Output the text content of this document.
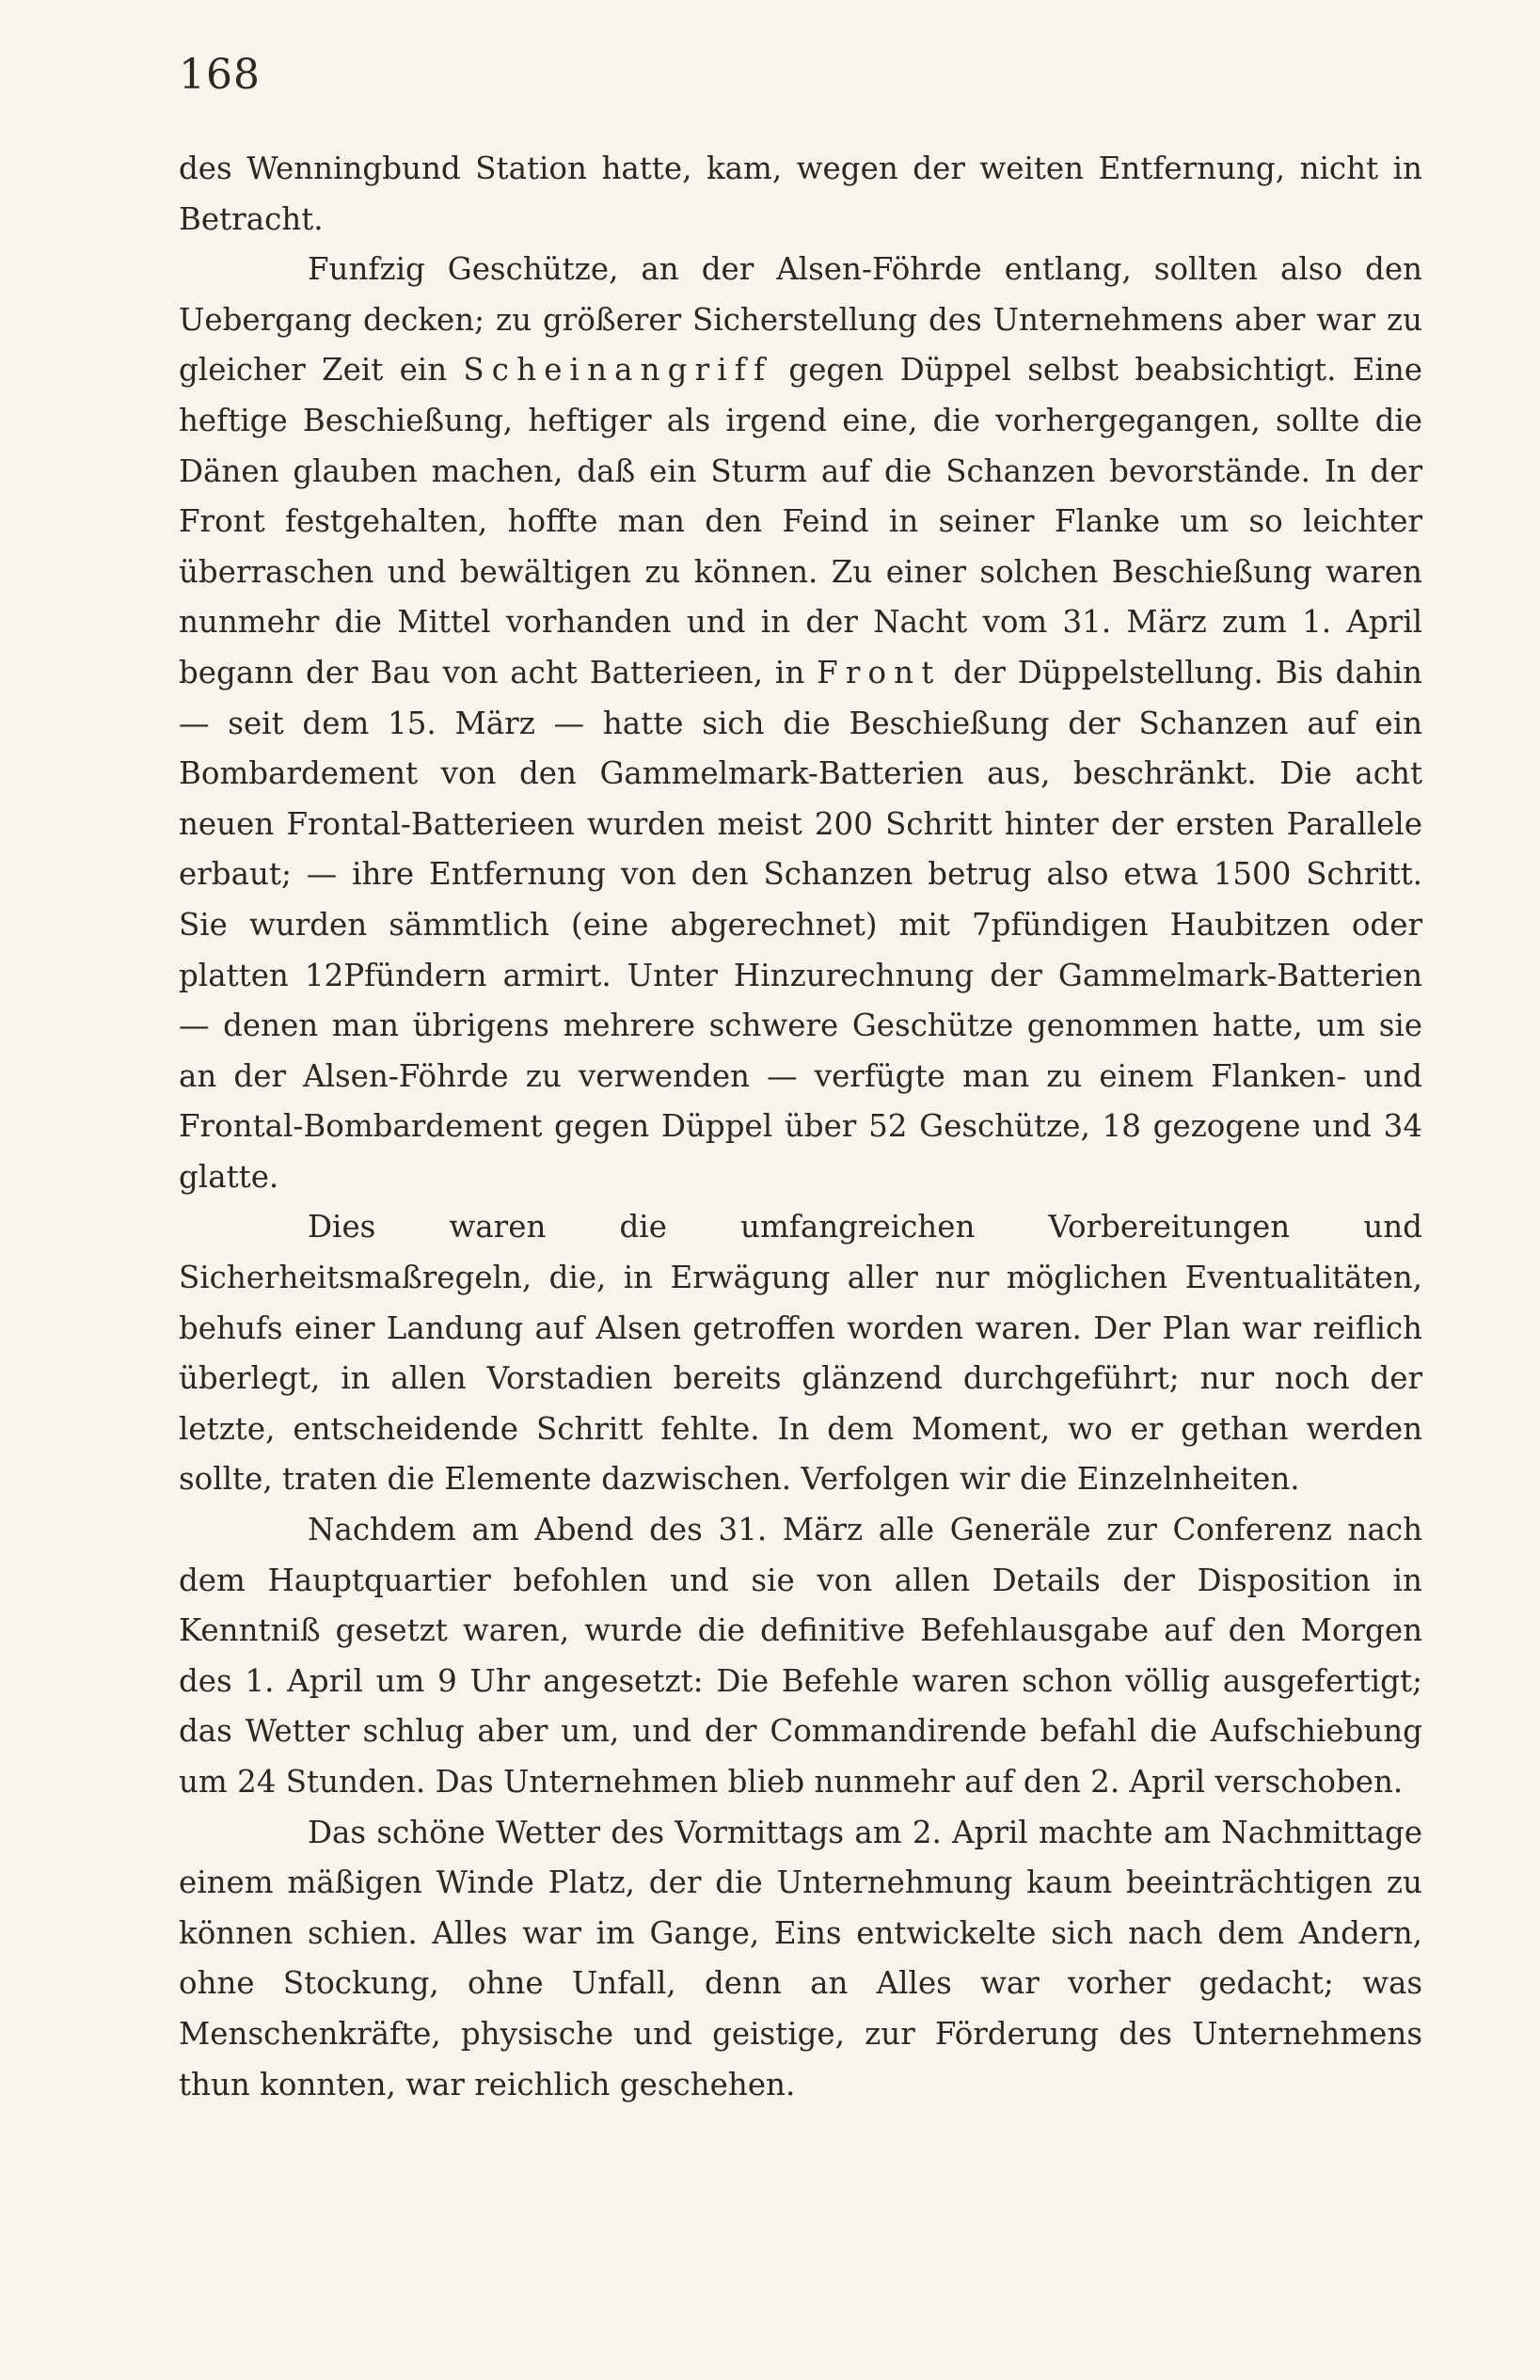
168

des Wenningbund Station hatte, kam, wegen der weiten Entfernung, nicht in Betracht.

Funfzig Geschütze, an der Alsen-Föhrde entlang, sollten also den Uebergang decken; zu größerer Sicherstellung des Unternehmens aber war zu gleicher Zeit ein Scheinangriff gegen Düppel selbst beabsichtigt. Eine heftige Beschießung, heftiger als irgend eine, die vorhergegangen, sollte die Dänen glauben machen, daß ein Sturm auf die Schanzen bevorstände. In der Front festgehalten, hoffte man den Feind in seiner Flanke um so leichter überraschen und bewältigen zu können. Zu einer solchen Beschießung waren nunmehr die Mittel vorhanden und in der Nacht vom 31. März zum 1. April begann der Bau von acht Batterieen, in Front der Düppelstellung. Bis dahin — seit dem 15. März — hatte sich die Beschießung der Schanzen auf ein Bombardement von den Gammelmark-Batterien aus, beschränkt. Die acht neuen Frontal-Batterieen wurden meist 200 Schritt hinter der ersten Parallele erbaut; — ihre Entfernung von den Schanzen betrug also etwa 1500 Schritt. Sie wurden sämmtlich (eine abgerechnet) mit 7pfündigen Haubitzen oder platten 12Pfündern armirt. Unter Hinzurechnung der Gammelmark-Batterien — denen man übrigens mehrere schwere Geschütze genommen hatte, um sie an der Alsen-Föhrde zu verwenden — verfügte man zu einem Flanken- und Frontal-Bombardement gegen Düppel über 52 Geschütze, 18 gezogene und 34 glatte.

Dies waren die umfangreichen Vorbereitungen und Sicherheitsmaßregeln, die, in Erwägung aller nur möglichen Eventualitäten, behufs einer Landung auf Alsen getroffen worden waren. Der Plan war reiflich überlegt, in allen Vorstadien bereits glänzend durchgeführt; nur noch der letzte, entscheidende Schritt fehlte. In dem Moment, wo er gethan werden sollte, traten die Elemente dazwischen. Verfolgen wir die Einzelnheiten.

Nachdem am Abend des 31. März alle Generäle zur Conferenz nach dem Hauptquartier befohlen und sie von allen Details der Disposition in Kenntniß gesetzt waren, wurde die definitive Befehlausgabe auf den Morgen des 1. April um 9 Uhr angesetzt: Die Befehle waren schon völlig ausgefertigt; das Wetter schlug aber um, und der Commandirende befahl die Aufschiebung um 24 Stunden. Das Unternehmen blieb nunmehr auf den 2. April verschoben.

Das schöne Wetter des Vormittags am 2. April machte am Nachmittage einem mäßigen Winde Platz, der die Unternehmung kaum beeinträchtigen zu können schien. Alles war im Gange, Eins entwickelte sich nach dem Andern, ohne Stockung, ohne Unfall, denn an Alles war vorher gedacht; was Menschenkräfte, physische und geistige, zur Förderung des Unternehmens thun konnten, war reichlich geschehen.
